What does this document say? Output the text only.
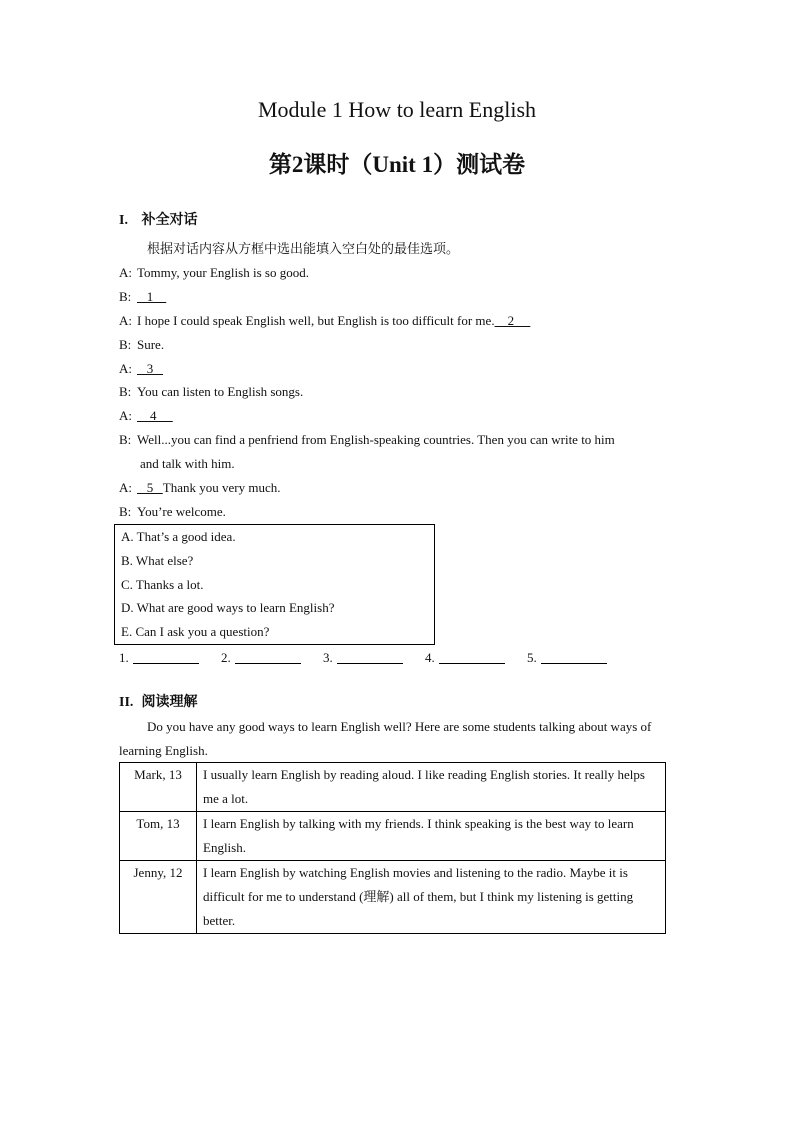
Module 1 How to learn English
第2课时（Unit 1）测试卷
I. 补全对话
根据对话内容从方框中选出能填入空白处的最佳选项。
A: Tommy, your English is so good.
B:   1
A: I hope I could speak English well, but English is too difficult for me.    2
B: Sure.
A:   3
B: You can listen to English songs.
A:    4
B: Well...you can find a penfriend from English-speaking countries. Then you can write to him
and talk with him.
A:   5   Thank you very much.
B: You’re welcome.
A. That’s a good idea.
B. What else?
C. Thanks a lot.
D. What are good ways to learn English?
E. Can I ask you a question?
1.	2.	3.	4.	5.
II. 阅读理解
Do you have any good ways to learn English well? Here are some students talking about ways of learning English.
Mark, 13	I usually learn English by reading aloud. I like reading English stories. It really helps me a lot.
Tom, 13	I learn English by talking with my friends. I think speaking is the best way to learn English.
Jenny, 12	I learn English by watching English movies and listening to the radio. Maybe it is difficult for me to understand (理解) all of them, but I think my listening is getting better.
